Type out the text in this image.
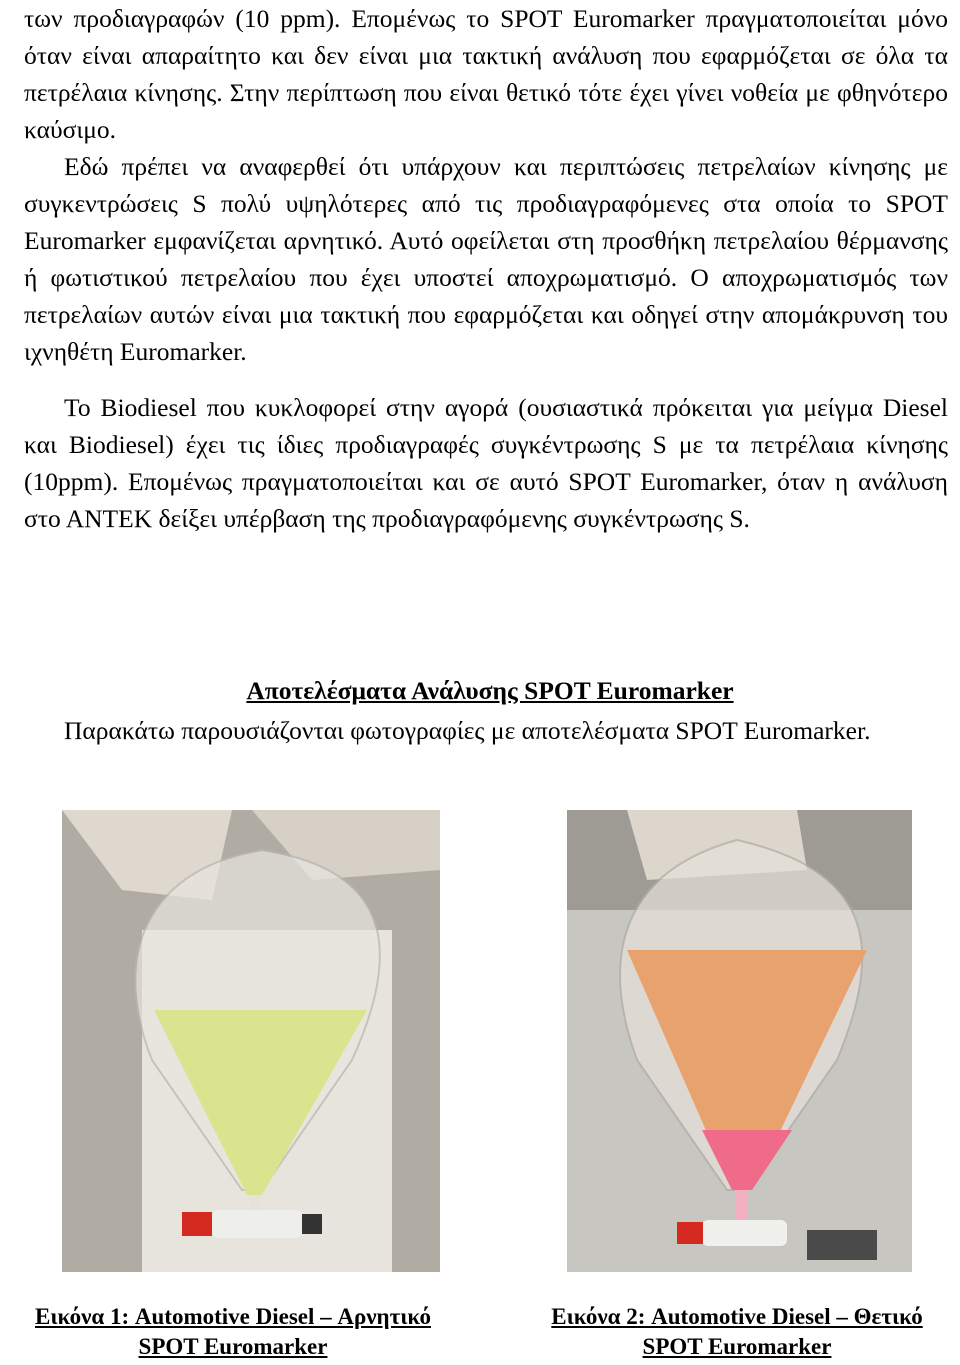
των προδιαγραφών (10 ppm). Επομένως το SPOT Euromarker πραγματοποιείται μόνο όταν είναι απαραίτητο και δεν είναι μια τακτική ανάλυση που εφαρμόζεται σε όλα τα πετρέλαια κίνησης. Στην περίπτωση που είναι θετικό τότε έχει γίνει νοθεία με φθηνότερο καύσιμο.

Εδώ πρέπει να αναφερθεί ότι υπάρχουν και περιπτώσεις πετρελαίων κίνησης με συγκεντρώσεις S πολύ υψηλότερες από τις προδιαγραφόμενες στα οποία το SPOT Euromarker εμφανίζεται αρνητικό. Αυτό οφείλεται στη προσθήκη πετρελαίου θέρμανσης ή φωτιστικού πετρελαίου που έχει υποστεί αποχρωματισμό. Ο αποχρωματισμός των πετρελαίων αυτών είναι μια τακτική που εφαρμόζεται και οδηγεί στην απομάκρυνση του ιχνηθέτη Euromarker.

Το Biodiesel που κυκλοφορεί στην αγορά (ουσιαστικά πρόκειται για μείγμα Diesel και Biodiesel) έχει τις ίδιες προδιαγραφές συγκέντρωσης S με τα πετρέλαια κίνησης (10ppm). Επομένως πραγματοποιείται και σε αυτό SPOT Euromarker, όταν η ανάλυση στο ΑΝΤΕΚ δείξει υπέρβαση της προδιαγραφόμενης συγκέντρωσης S.

Αποτελέσματα Ανάλυσης SPOT Euromarker

Παρακάτω παρουσιάζονται φωτογραφίες με αποτελέσματα SPOT Euromarker.

Εικόνα 1: Automotive Diesel – Αρνητικό
SPOT Euromarker
Εικόνα 2: Automotive Diesel – Θετικό
SPOT Euromarker
